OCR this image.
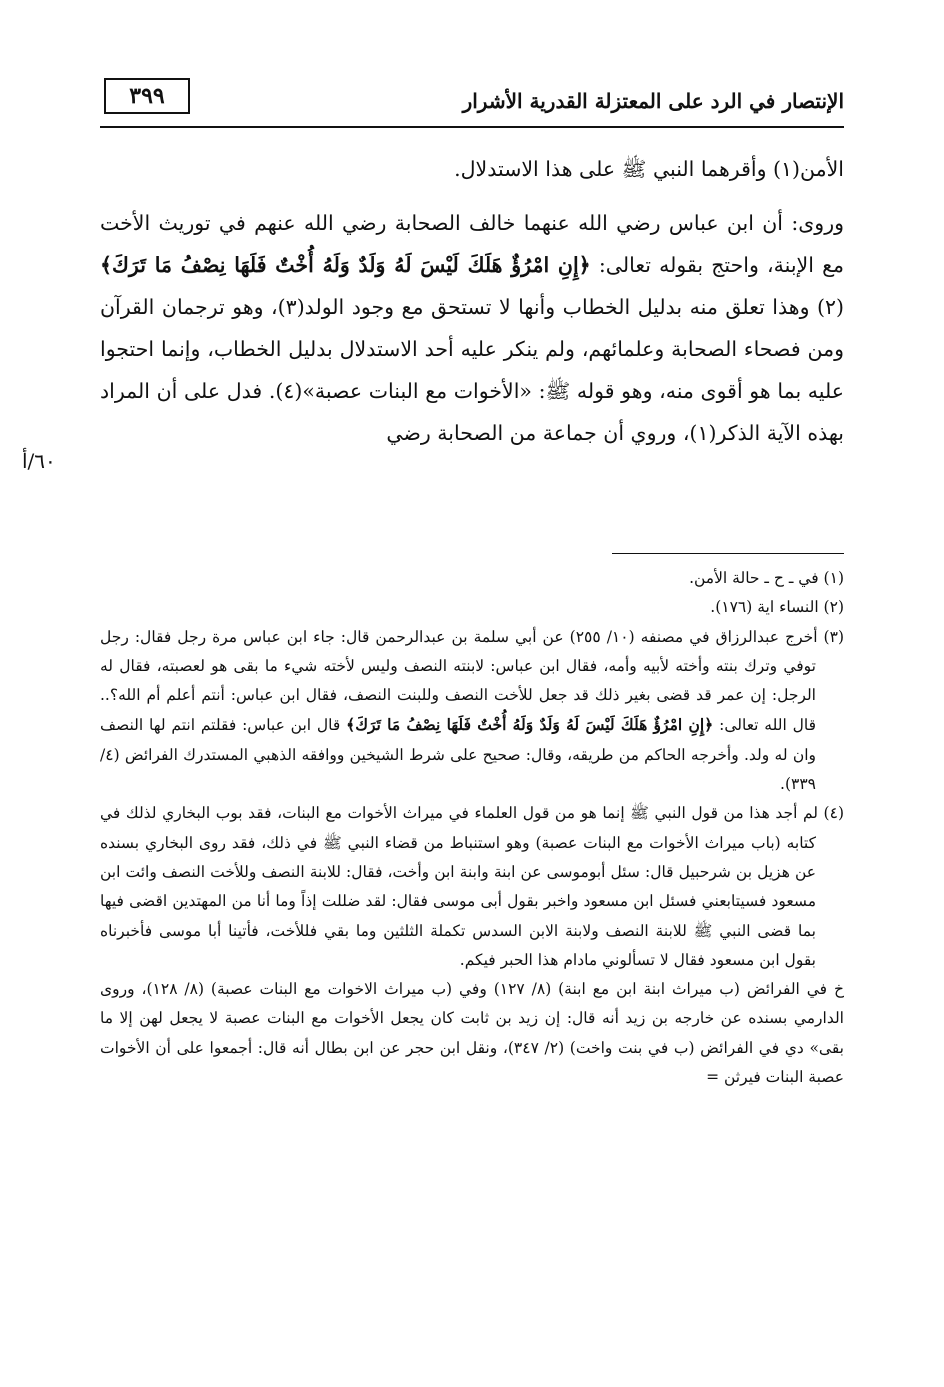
الإنتصار في الرد على المعتزلة القدرية الأشرار
٣٩٩

الأمن(١) وأقرهما النبي ﷺ على هذا الاستدلال.

وروى: أن ابن عباس رضي الله عنهما خالف الصحابة رضي الله عنهم في توريث الأخت مع الإبنة، واحتج بقوله تعالى: ﴿إِنِ امْرُؤٌ هَلَكَ لَيْسَ لَهُ وَلَدٌ وَلَهُ أُخْتٌ فَلَهَا نِصْفُ مَا تَرَكَ﴾(٢) وهذا تعلق منه بدليل الخطاب وأنها لا تستحق مع وجود الولد(٣)، وهو ترجمان القرآن ومن فصحاء الصحابة وعلمائهم، ولم ينكر عليه أحد الاستدلال بدليل الخطاب، وإنما احتجوا عليه بما هو أقوى منه، وهو قوله ﷺ: «الأخوات مع البنات عصبة»(٤). فدل على أن المراد بهذه الآية الذكر(١)، وروي أن جماعة من الصحابة رضي

٦٠/أ

(١) في ـ ح ـ حالة الأمن.

(٢) النساء اية (١٧٦).

(٣) أخرج عبدالرزاق في مصنفه (١٠/ ٢٥٥) عن أبي سلمة بن عبدالرحمن قال: جاء ابن عباس مرة رجل فقال: رجل توفي وترك بنته وأخته لأبيه وأمه، فقال ابن عباس: لابنته النصف وليس لأخته شيء ما بقى هو لعصبته، فقال له الرجل: إن عمر قد قضى بغير ذلك قد جعل للأخت النصف وللبنت النصف، فقال ابن عباس: أنتم أعلم أم الله؟.. قال الله تعالى: ﴿إِنِ امْرُؤٌ هَلَكَ لَيْسَ لَهُ وَلَدٌ وَلَهُ أُخْتٌ فَلَهَا نِصْفُ مَا تَرَكَ﴾ قال ابن عباس: فقلتم انتم لها النصف وان له ولد. وأخرجه الحاكم من طريقه، وقال: صحيح على شرط الشيخين ووافقه الذهبي المستدرك الفرائض (٤/ ٣٣٩).

(٤) لم أجد هذا من قول النبي ﷺ إنما هو من قول العلماء في ميراث الأخوات مع البنات، فقد بوب البخاري لذلك في كتابه (باب ميراث الأخوات مع البنات عصبة) وهو استنباط من قضاء النبي ﷺ في ذلك، فقد روى البخاري بسنده عن هزيل بن شرحبيل قال: سئل أبوموسى عن ابنة وابنة ابن وأخت، فقال: للابنة النصف وللأخت النصف وائت ابن مسعود فسيتابعني فسئل ابن مسعود واخبر بقول أبى موسى فقال: لقد ضللت إذاً وما أنا من المهتدين اقضى فيها بما قضى النبي ﷺ للابنة النصف ولابنة الابن السدس تكملة الثلثين وما بقي فللأخت، فأتينا أبا موسى فأخبرناه بقول ابن مسعود فقال لا تسألوني مادام هذا الحبر فيكم.

خ في الفرائض (ب ميراث ابنة ابن مع ابنة) (٨/ ١٢٧) وفي (ب ميراث الاخوات مع البنات عصبة) (٨/ ١٢٨)، وروى الدارمي بسنده عن خارجه بن زيد أنه قال: إن زيد بن ثابت كان يجعل الأخوات مع البنات عصبة لا يجعل لهن إلا ما بقى» دي في الفرائض (ب في بنت واخت) (٢/ ٣٤٧)، ونقل ابن حجر عن ابن بطال أنه قال: أجمعوا على أن الأخوات عصبة البنات فيرثن =
